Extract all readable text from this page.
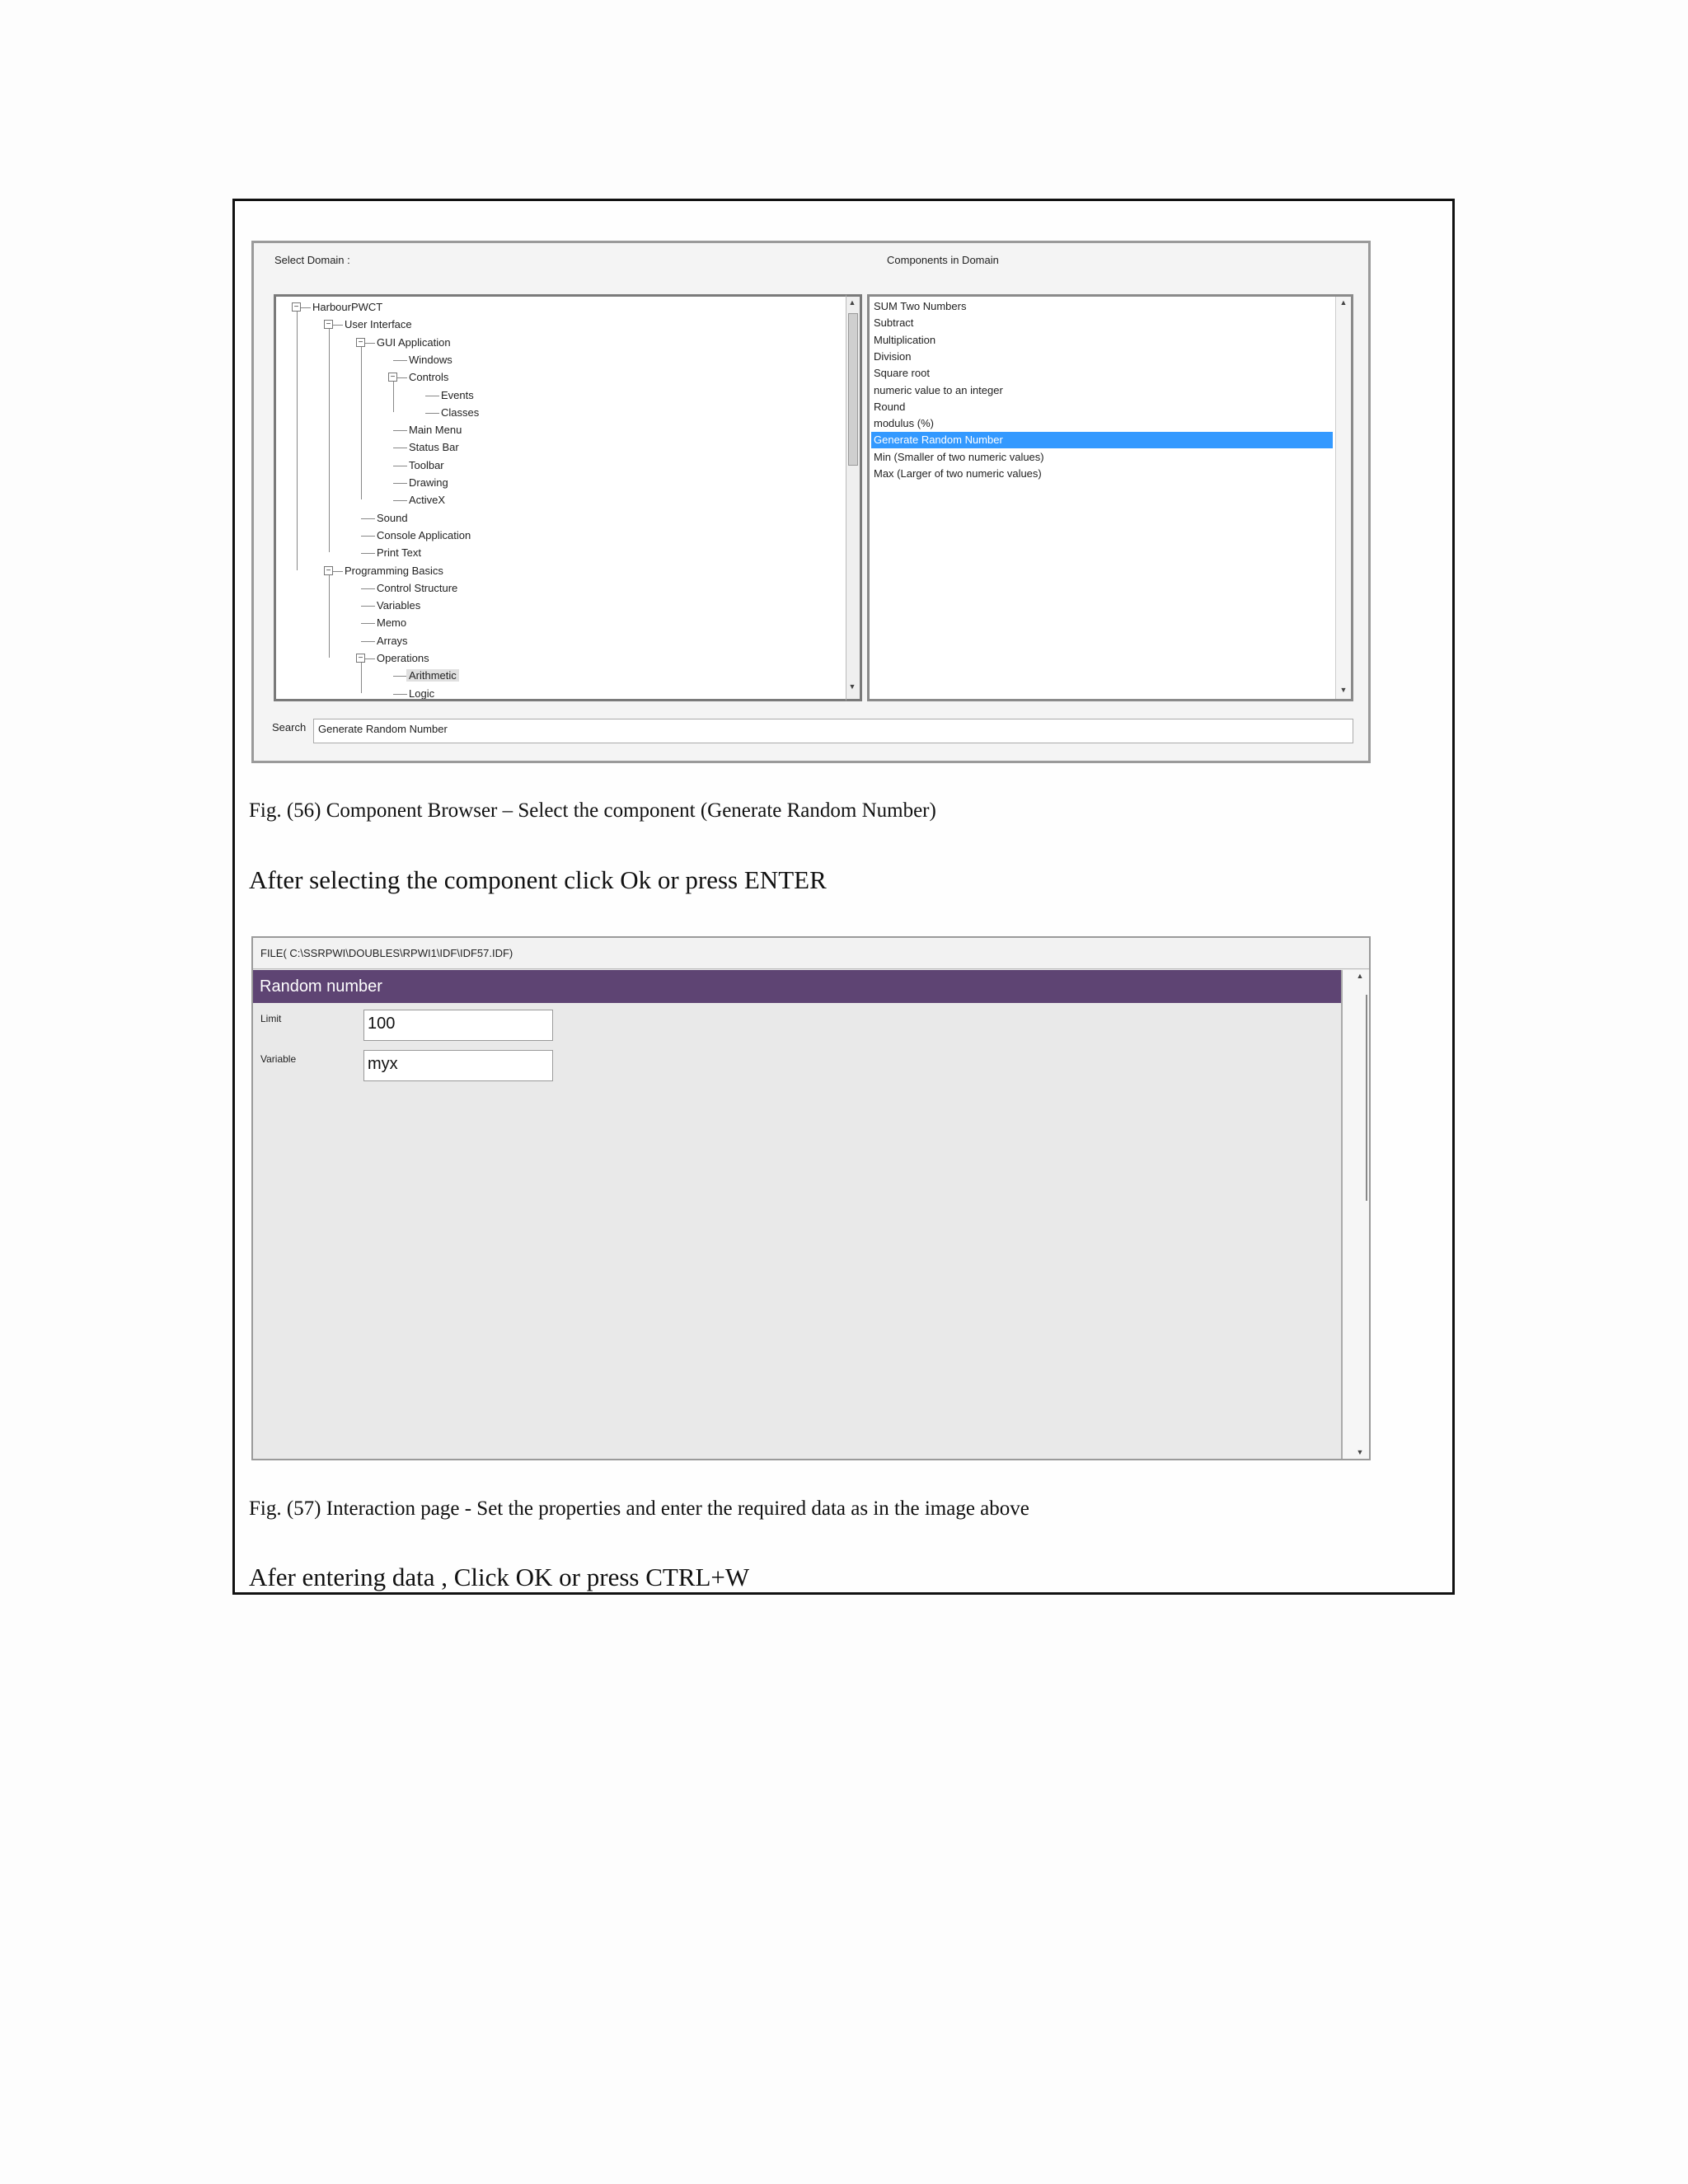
Select Domain :	Components in Domain
− HarbourPWCT
− User Interface
− GUI Application
Windows
− Controls
Events
Classes
Main Menu
Status Bar
Toolbar
Drawing
ActiveX
Sound
Console Application
Print Text
− Programming Basics
Control Structure
Variables
Memo
Arrays
− Operations
Arithmetic
Logic
▲
▼
▲
▼
SUM Two Numbers
Subtract
Multiplication
Division
Square root
numeric value to an integer
Round
modulus (%)
Generate Random Number
Min (Smaller of two numeric values)
Max (Larger of two numeric values)
Search	Generate Random Number
Fig. (56) Component Browser – Select the component (Generate Random Number)
After selecting the component click Ok or press ENTER
FILE( C:\SSRPWI\DOUBLES\RPWI1\IDF\IDF57.IDF)
Random number
Limit	100
Variable	myx
▲
▼
Fig. (57) Interaction page - Set the properties and enter the required data as in the image above
Afer entering data , Click OK or press CTRL+W
